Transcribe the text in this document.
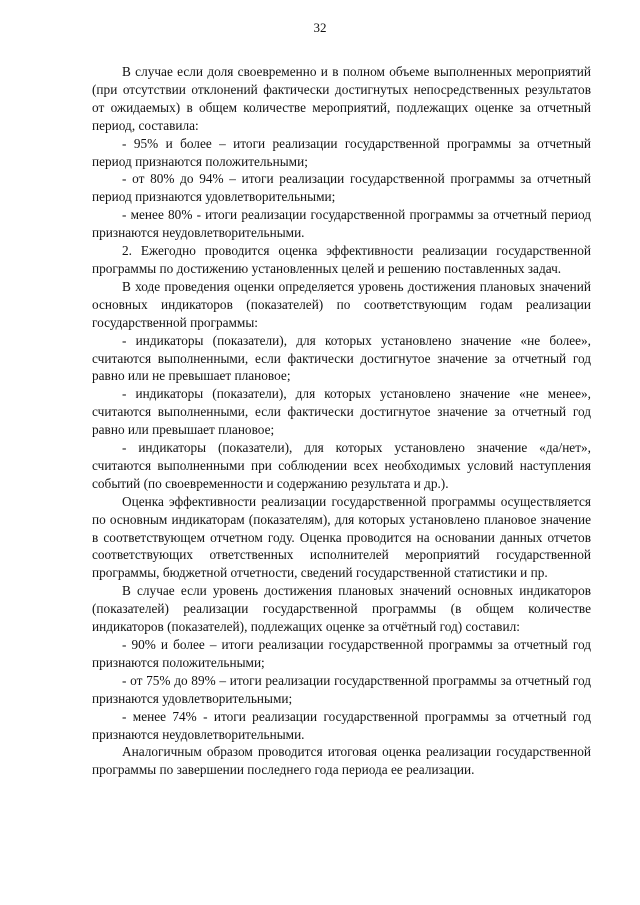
32

В случае если доля своевременно и в полном объеме выполненных мероприятий (при отсутствии отклонений фактически достигнутых непосредственных результатов от ожидаемых) в общем количестве мероприятий, подлежащих оценке за отчетный период, составила:

- 95% и более – итоги реализации государственной программы за отчетный период признаются положительными;

- от 80% до 94% – итоги реализации государственной программы за отчетный период признаются удовлетворительными;

- менее 80% - итоги реализации государственной программы за отчетный период признаются неудовлетворительными.

2. Ежегодно проводится оценка эффективности реализации государственной программы по достижению установленных целей и решению поставленных задач.

В ходе проведения оценки определяется уровень достижения плановых значений основных индикаторов (показателей) по соответствующим годам реализации государственной программы:

- индикаторы (показатели), для которых установлено значение «не более», считаются выполненными, если фактически достигнутое значение за отчетный год равно или не превышает плановое;

- индикаторы (показатели), для которых установлено значение «не менее», считаются выполненными, если фактически достигнутое значение за отчетный год равно или превышает плановое;

- индикаторы (показатели), для которых установлено значение «да/нет», считаются выполненными при соблюдении всех необходимых условий наступления событий (по своевременности и содержанию результата и др.).

Оценка эффективности реализации государственной программы осуществляется по основным индикаторам (показателям), для которых установлено плановое значение в соответствующем отчетном году. Оценка проводится на основании данных отчетов соответствующих ответственных исполнителей мероприятий государственной программы, бюджетной отчетности, сведений государственной статистики и пр.

В случае если уровень достижения плановых значений основных индикаторов (показателей) реализации государственной программы (в общем количестве индикаторов (показателей), подлежащих оценке за отчётный год) составил:

- 90% и более – итоги реализации государственной программы за отчетный год признаются положительными;

- от 75% до 89% – итоги реализации государственной программы за отчетный год признаются удовлетворительными;

- менее 74% - итоги реализации государственной программы за отчетный год признаются неудовлетворительными.

Аналогичным образом проводится итоговая оценка реализации государственной программы по завершении последнего года периода ее реализации.
